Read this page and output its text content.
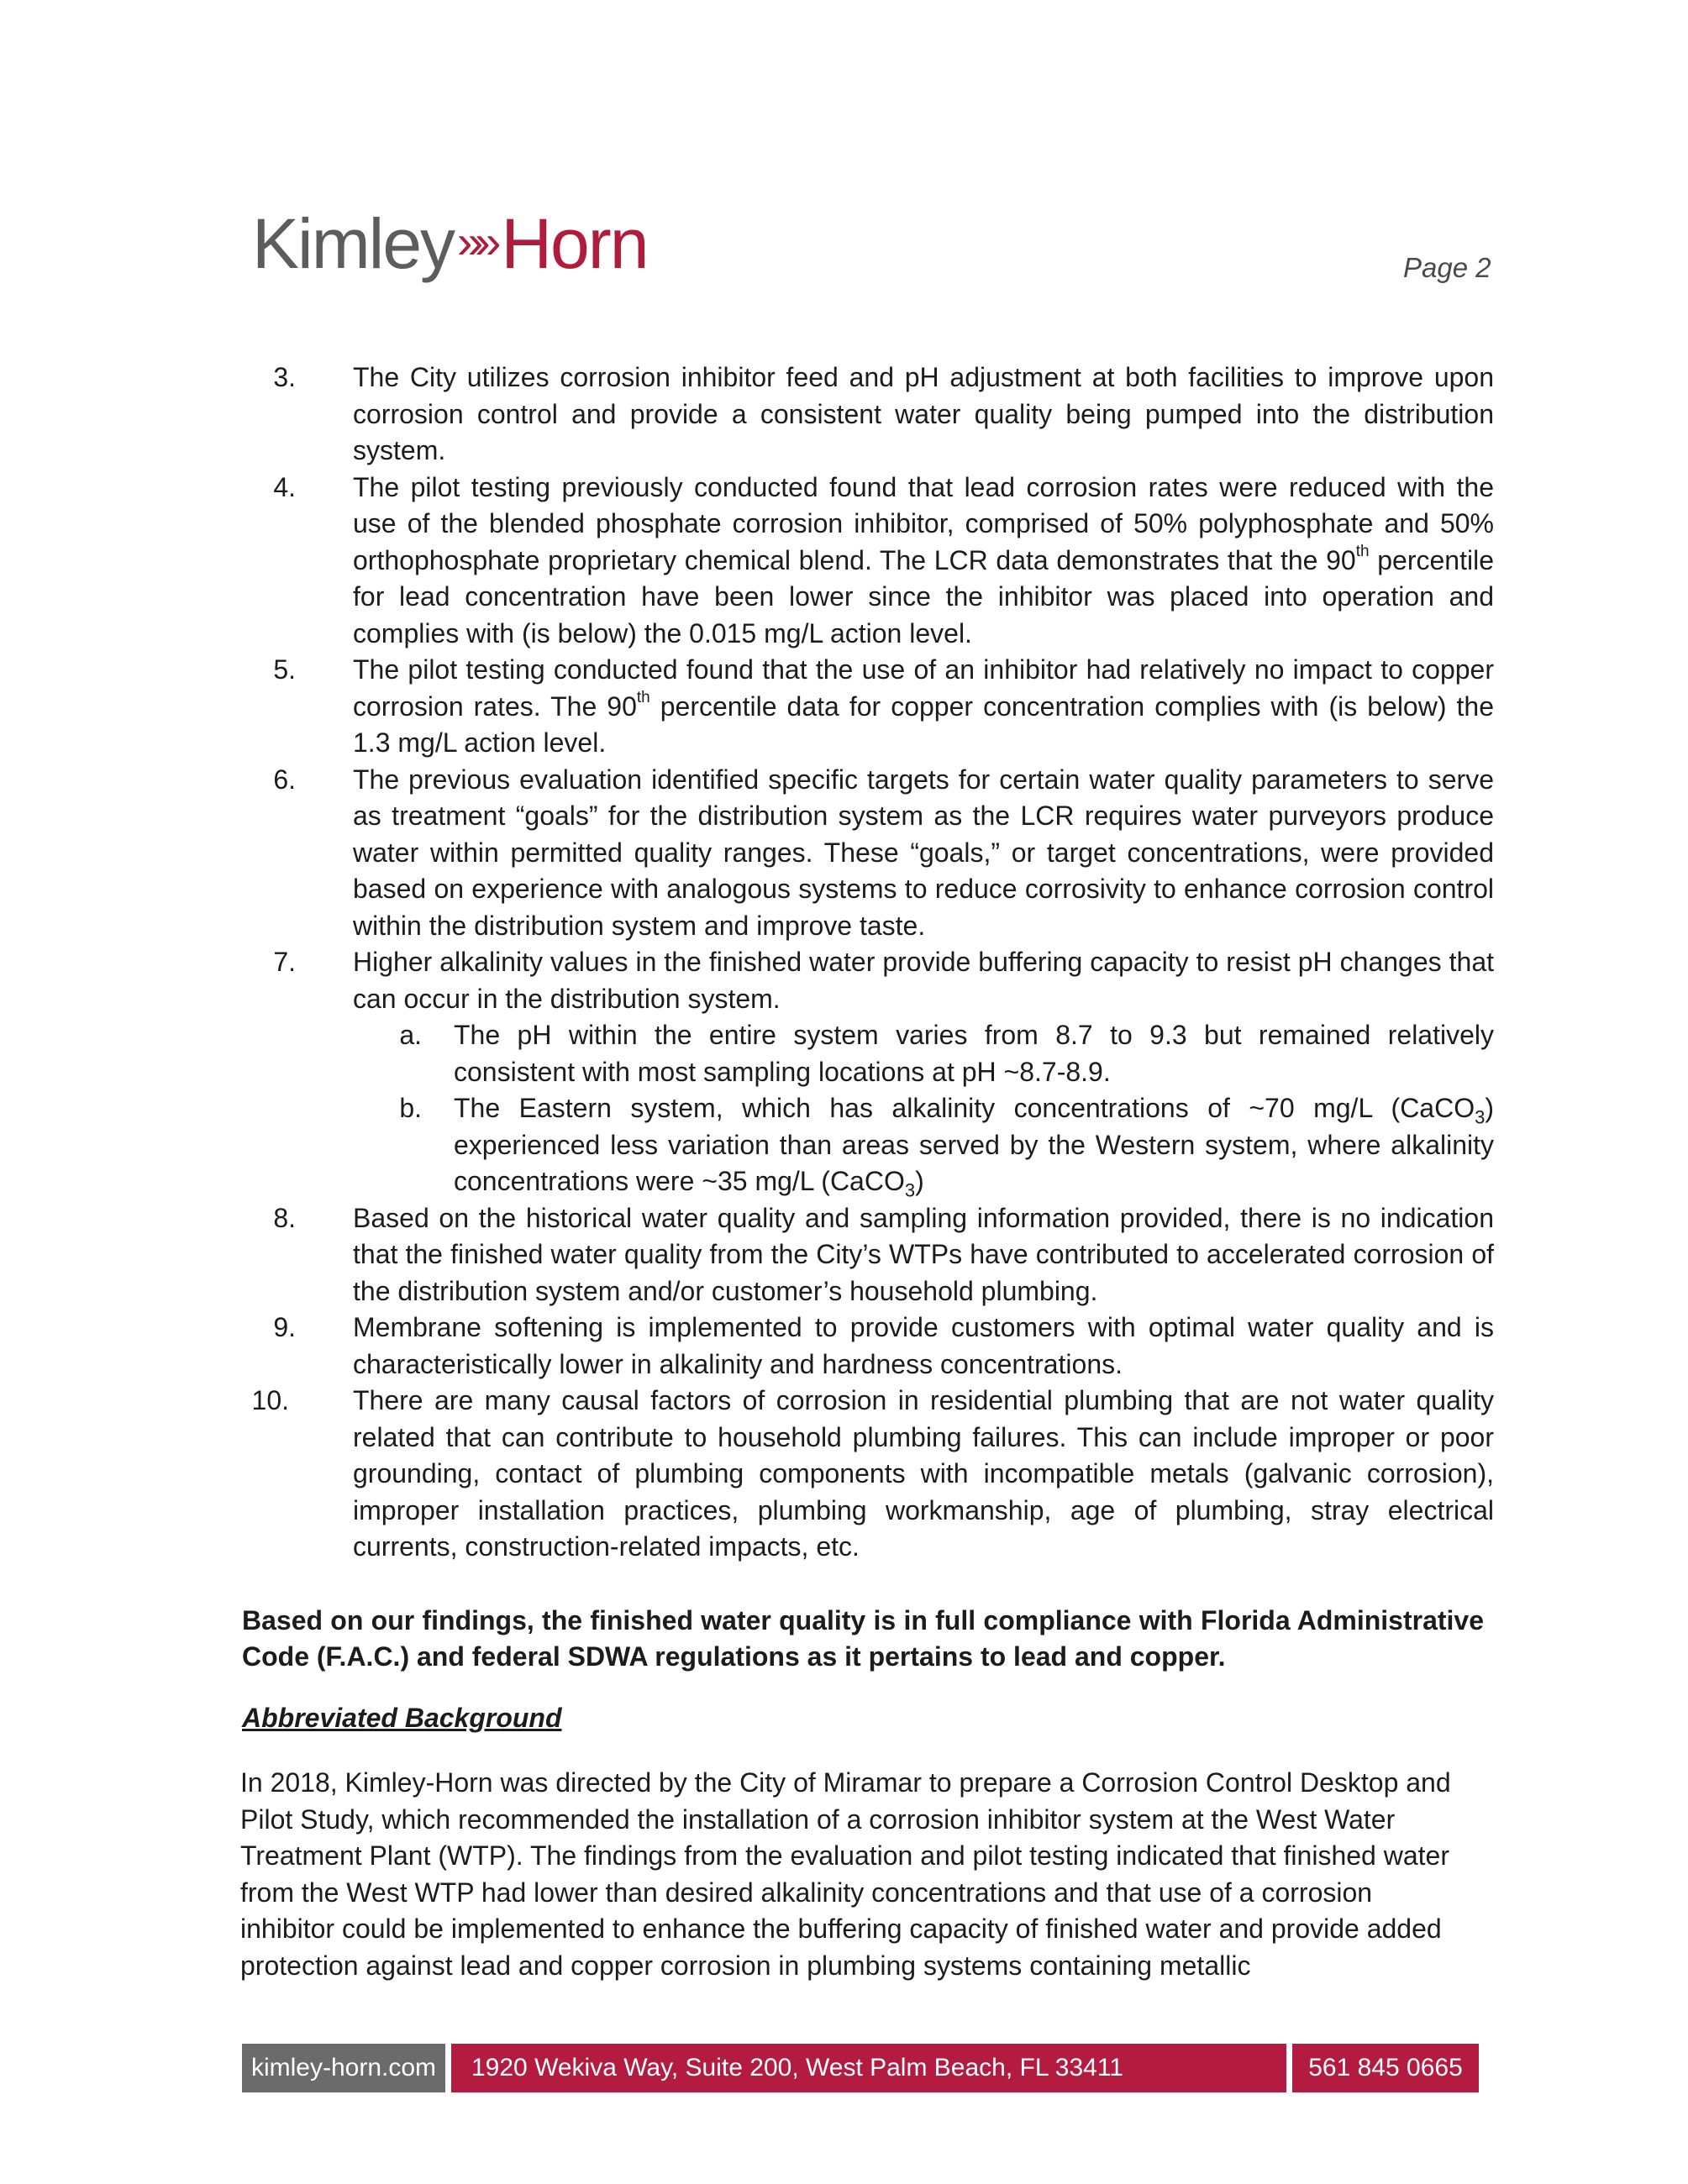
Kimley»» Horn	Page 2
3.	The City utilizes corrosion inhibitor feed and pH adjustment at both facilities to improve upon corrosion control and provide a consistent water quality being pumped into the distribution system.
4.	The pilot testing previously conducted found that lead corrosion rates were reduced with the use of the blended phosphate corrosion inhibitor, comprised of 50% polyphosphate and 50% orthophosphate proprietary chemical blend. The LCR data demonstrates that the 90th percentile for lead concentration have been lower since the inhibitor was placed into operation and complies with (is below) the 0.015 mg/L action level.
5.	The pilot testing conducted found that the use of an inhibitor had relatively no impact to copper corrosion rates. The 90th percentile data for copper concentration complies with (is below) the 1.3 mg/L action level.
6.	The previous evaluation identified specific targets for certain water quality parameters to serve as treatment “goals” for the distribution system as the LCR requires water purveyors produce water within permitted quality ranges. These “goals,” or target concentrations, were provided based on experience with analogous systems to reduce corrosivity to enhance corrosion control within the distribution system and improve taste.
7.	Higher alkalinity values in the finished water provide buffering capacity to resist pH changes that can occur in the distribution system.
a. The pH within the entire system varies from 8.7 to 9.3 but remained relatively consistent with most sampling locations at pH ~8.7-8.9.
b. The Eastern system, which has alkalinity concentrations of ~70 mg/L (CaCO$_3$) experienced less variation than areas served by the Western system, where alkalinity concentrations were ~35 mg/L (CaCO$_3$)
8.	Based on the historical water quality and sampling information provided, there is no indication that the finished water quality from the City’s WTPs have contributed to accelerated corrosion of the distribution system and/or customer’s household plumbing.
9.	Membrane softening is implemented to provide customers with optimal water quality and is characteristically lower in alkalinity and hardness concentrations.
10.	There are many causal factors of corrosion in residential plumbing that are not water quality related that can contribute to household plumbing failures. This can include improper or poor grounding, contact of plumbing components with incompatible metals (galvanic corrosion), improper installation practices, plumbing workmanship, age of plumbing, stray electrical currents, construction-related impacts, etc.
Based on our findings, the finished water quality is in full compliance with Florida Administrative Code (F.A.C.) and federal SDWA regulations as it pertains to lead and copper.
Abbreviated Background
In 2018, Kimley-Horn was directed by the City of Miramar to prepare a Corrosion Control Desktop and Pilot Study, which recommended the installation of a corrosion inhibitor system at the West Water Treatment Plant (WTP). The findings from the evaluation and pilot testing indicated that finished water from the West WTP had lower than desired alkalinity concentrations and that use of a corrosion inhibitor could be implemented to enhance the buffering capacity of finished water and provide added protection against lead and copper corrosion in plumbing systems containing metallic
kimley-horn.com	1920 Wekiva Way, Suite 200, West Palm Beach, FL 33411	561 845 0665
